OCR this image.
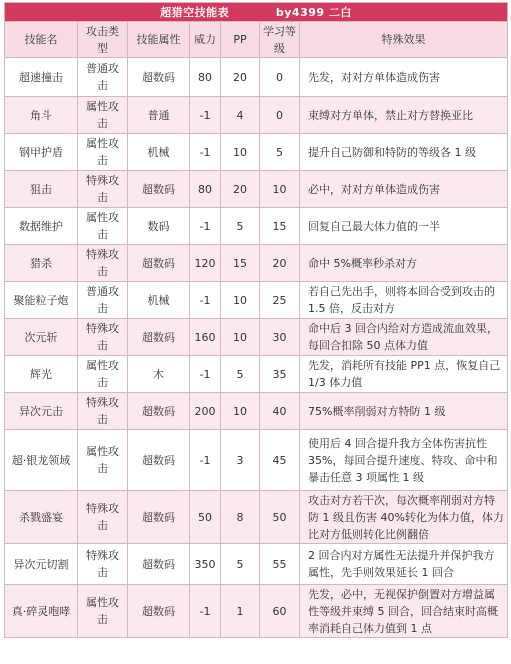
超猎空技能表 by4399 二白						
技能名	攻击类型	技能属性	威力	PP	学习等级	特殊效果
超速撞击	普通攻击	超数码	80	20	0	先发，对对方单体造成伤害
角斗	属性攻击	普通	-1	4	0	束缚对方单体，禁止对方替换亚比
钢甲护盾	属性攻击	机械	-1	10	5	提升自己防御和特防的等级各 1 级
狙击	特殊攻击	超数码	80	20	10	必中，对对方单体造成伤害
数据维护	属性攻击	数码	-1	5	15	回复自己最大体力值的一半
猎杀	特殊攻击	超数码	120	15	20	命中 5%概率秒杀对方
聚能粒子炮	普通攻击	机械	-1	10	25	若自己先出手，则将本回合受到攻击的 1.5 倍，反击对方
次元斩	特殊攻击	超数码	160	10	30	命中后 3 回合内给对方造成流血效果，每回合扣除 50 点体力值
辉光	属性攻击	木	-1	5	35	先发，消耗所有技能 PP1 点，恢复自己 1/3 体力值
异次元击	特殊攻击	超数码	200	10	40	75%概率削弱对方特防 1 级
超·银龙领域	属性攻击	超数码	-1	3	45	使用后 4 回合提升我方全体伤害抗性 35%，每回合提升速度、特攻、命中和暴击任意 3 项属性 1 级
杀戮盛宴	特殊攻击	超数码	50	8	50	攻击对方若干次，每次概率削弱对方特防 1 级且伤害 40%转化为体力值，体力比对方低则转化比例翻倍
异次元切割	特殊攻击	超数码	350	5	55	2 回合内对方属性无法提升并保护我方属性，先手则效果延长 1 回合
真·碎灵咆哮	属性攻击	超数码	-1	1	60	先发，必中，无视保护倒置对方增益属性等级并束缚 5 回合，回合结束时高概率消耗自己体力值到 1 点
